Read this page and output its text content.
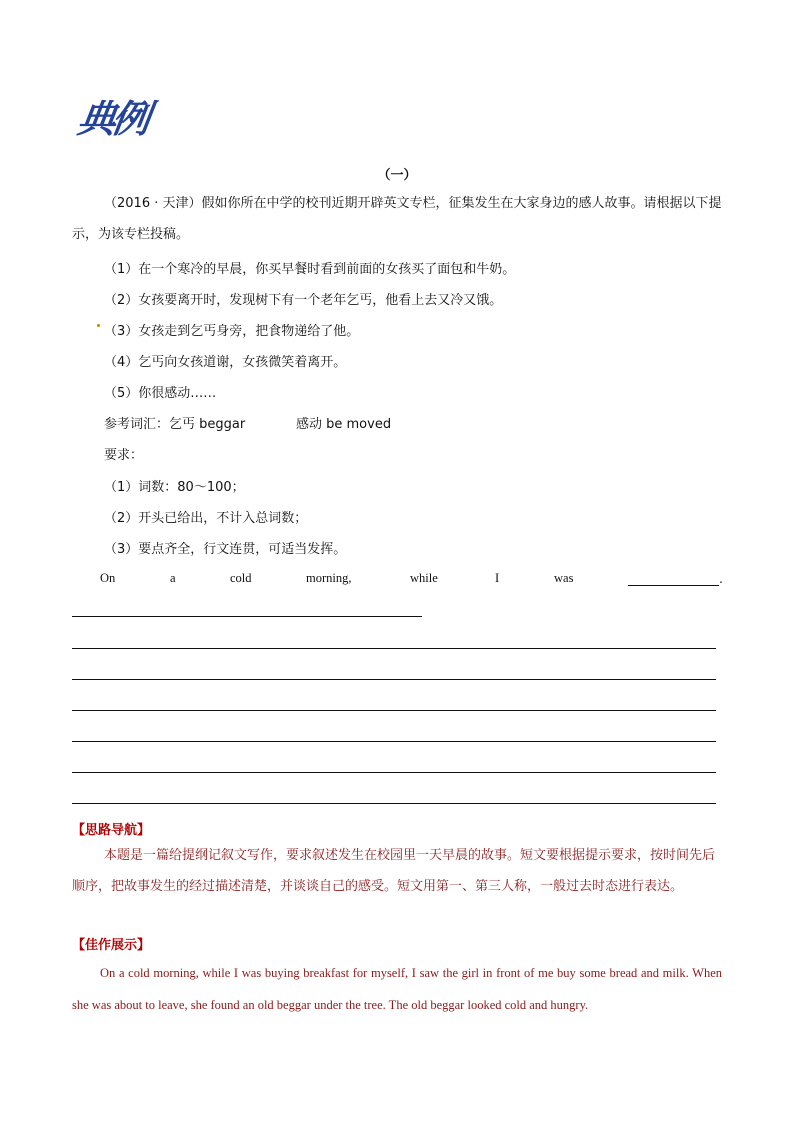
典例
（一）
（2016 · 天津）假如你所在中学的校刊近期开辟英文专栏，征集发生在大家身边的感人故事。请根据以下提示，为该专栏投稿。
（1）在一个寒冷的早晨，你买早餐时看到前面的女孩买了面包和牛奶。
（2）女孩要离开时，发现树下有一个老年乞丐，他看上去又冷又饿。
（3）女孩走到乞丐身旁，把食物递给了他。
（4）乞丐向女孩道谢，女孩微笑着离开。
（5）你很感动……
参考词汇：乞丐 beggar	感动 be moved
要求：
（1）词数：80～100；
（2）开头已给出，不计入总词数；
（3）要点齐全，行文连贯，可适当发挥。
On	a	cold	morning,	while	I	was	.
【思路导航】
本题是一篇给提纲记叙文写作，要求叙述发生在校园里一天早晨的故事。短文要根据提示要求，按时间先后顺序，把故事发生的经过描述清楚，并谈谈自己的感受。短文用第一、第三人称，一般过去时态进行表达。
【佳作展示】
On a cold morning, while I was buying breakfast for myself, I saw the girl in front of me buy some bread and milk. When she was about to leave, she found an old beggar under the tree. The old beggar looked cold and hungry.
